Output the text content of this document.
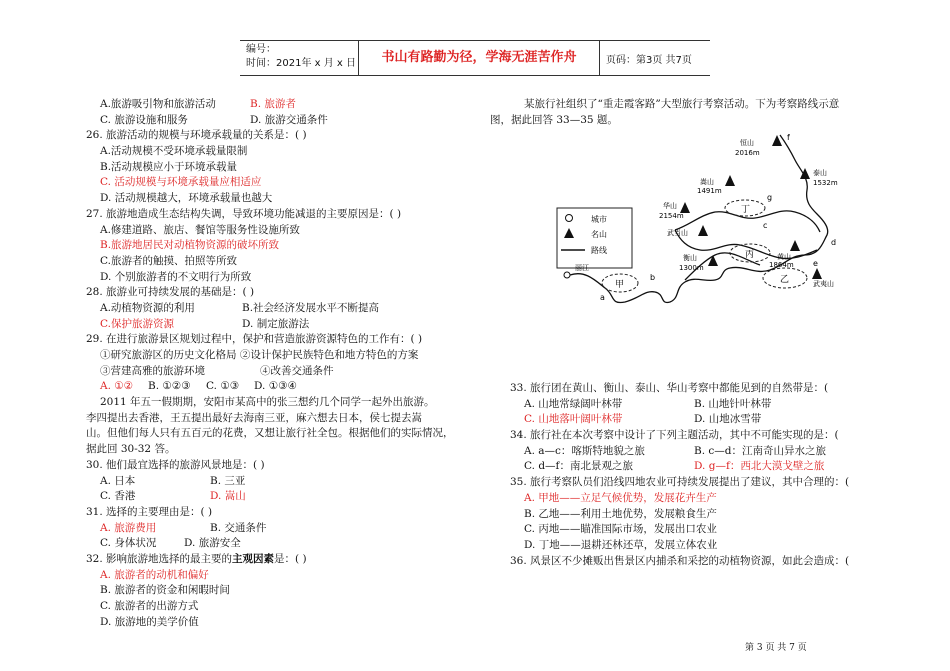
编号：
时间：2021年 x 月 x 日	书山有路勤为径，学海无涯苦作舟	页码：第3页 共7页
A.旅游吸引物和旅游活动	B. 旅游者
C. 旅游设施和服务	D. 旅游交通条件
26. 旅游活动的规模与环境承载量的关系是：( )
A.活动规模不受环境承载量限制
B.活动规模应小于环境承载量
C. 活动规模与环境承载量应相适应
D. 活动规模越大，环境承载量也越大
27. 旅游地造成生态结构失调，导致环境功能减退的主要原因是：( )
A.修建道路、旅店、餐馆等服务性设施所致
B.旅游地居民对动植物资源的破坏所致
C.旅游者的触摸、拍照等所致
D. 个别旅游者的不文明行为所致
28. 旅游业可持续发展的基础是：( )
A.动植物资源的利用	B.社会经济发展水平不断提高
C.保护旅游资源	D. 制定旅游法
29. 在进行旅游景区规划过程中，保护和营造旅游资源特色的工作有：( )
①研究旅游区的历史文化格局 ②设计保护民族特色和地方特色的方案
③营建高雅的旅游环境	④改善交通条件
A. ①② B. ①②③ C. ①③ D. ①③④
2011 年五一假期期，安阳市某高中的张三想约几个同学一起外出旅游。
李四提出去香港，王五提出最好去海南三亚，麻六想去日本，侯七提去嵩
山。但他们每人只有五百元的花费，又想让旅行社全包。根据他们的实际情况，
据此回 30-32 答。
30. 他们最宜选择的旅游风景地是：( )
A. 日本	B. 三亚
C. 香港	D. 嵩山
31. 选择的主要理由是：( )
A. 旅游费用	B. 交通条件
C. 身体状况	D. 旅游安全
32. 影响旅游地选择的最主要的主观因素是：( )
A. 旅游者的动机和偏好
B. 旅游者的资金和闲暇时间
C. 旅游者的出游方式
D. 旅游地的美学价值
某旅行社组织了“重走霞客路”大型旅行考察活动。下为考察路线示意
图，据此回答 33—35 题。
城市
名山
路线
甲	乙
丙
丁
恒山
2016m
泰山
1532m
嵩山
1491m
华山
2154m
武当山
黄山
1864m
衡山
1300m
武夷山
丽江
a
b
c
d
e
f
g
33. 旅行团在黄山、衡山、泰山、华山考察中都能见到的自然带是：(
A. 山地常绿阔叶林带	B. 山地针叶林带
C. 山地落叶阔叶林带	D. 山地冰雪带
34. 旅行社在本次考察中设计了下列主题活动，其中不可能实现的是：(
A. a—c：喀斯特地貌之旅	B. c—d：江南奇山异水之旅
C. d—f：南北景观之旅	D. g—f：西北大漠戈壁之旅
35. 旅行考察队员们沿线四地农业可持续发展提出了建议，其中合理的：(
A. 甲地——立足气候优势，发展花卉生产
B. 乙地——利用土地优势，发展粮食生产
C. 丙地——瞄准国际市场，发展出口农业
D. 丁地——退耕还林还草，发展立体农业
36. 风景区不少摊贩出售景区内捕杀和采挖的动植物资源，如此会造成：(
第 3 页 共 7 页
